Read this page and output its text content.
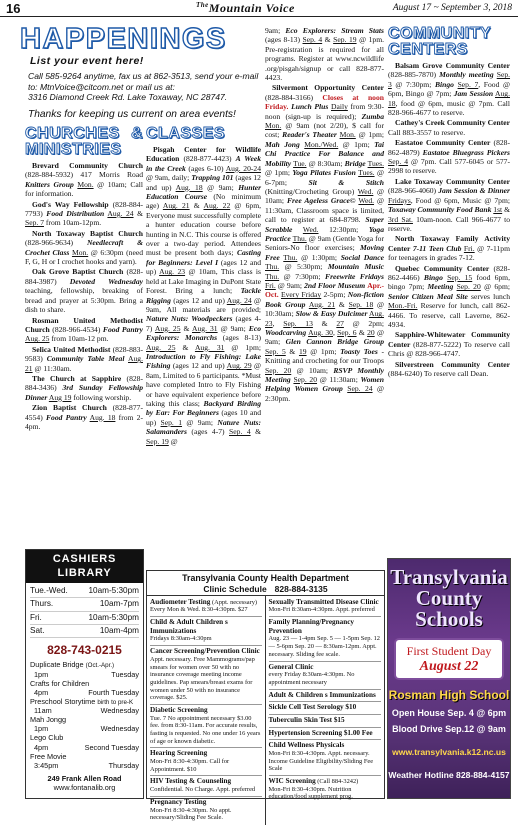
16	$^{The}$Mountain Voice	August 17 ~ September 3, 2018
HAPPENINGS
List your event here!
Call 585-9264 anytime, fax us at 862-3513, send your e-mail to: MtnVoice@citcom.net or mail us at:
3316 Diamond Creek Rd. Lake Toxaway, NC 28747.
Thanks for keeping us current on area events!
CHURCHES & MINISTRIES

Brevard Community Church (828-884-5932) 417 Morris Road Knitters Group Mon. @ 10am; Call for information.

God's Way Fellowship (828-884-7793) Food Distribution Aug. 24 & Sep. 7 from 10am-12pm.

North Toxaway Baptist Church (828-966-9634) Needlecraft & Crochet Class Mon. @ 6:30pm (need F, G, H or I crochet hooks and yarn).

Oak Grove Baptist Church (828-884-3987) Devoted Wednesday teaching, fellowship, breaking of bread and prayer at 5:30pm. Bring a dish to share.

Rosman United Methodist Church (828-966-4534) Food Pantry Aug. 25 from 10am-12 pm.

Selica United Methodist (828-883-9583) Community Table Meal Aug. 21 @ 11:30am.

The Church at Sapphire (828-884-3436) 3rd Sunday Fellowship Dinner Aug 19 following worship.

Zion Baptist Church (828-877-4554) Food Pantry Aug. 18 from 2-4pm.

CLASSES

Pisgah Center for Wildlife Education (828-877-4423) A Week in the Creek (ages 6-10) Aug. 20-24 @ 9am, daily; Trapping 101 (ages 12 and up) Aug. 18 @ 9am; Hunter Education Course (No minimum age) Aug. 21 & Aug. 22 @ 6pm, Everyone must successfully complete a hunter education course before hunting in N.C. This course is offered over a two-day period. Attendees must be present both days; Casting for Beginners: Level I (ages 12 and up) Aug. 23 @ 10am, This class is held at Lake Imaging in DuPont State Forest. Bring a lunch; Tackle Rigging (ages 12 and up) Aug. 24 @ 9am, All materials are provided; Nature Nuts: Woodpeckers (ages 4-7) Aug. 25 & Aug. 31 @ 9am; Eco Explorers: Monarchs (ages 8-13) Aug. 25 & Aug. 31 @ 1pm; Introduction to Fly Fishing: Lake Fishing (ages 12 and up) Aug. 29 @ 8am, Limited to 6 participants. *Must have completed Intro to Fly Fishing or have equivalent experience before taking this class; Backyard Birding by Ear: For Beginners (ages 10 and up) Sep. 1 @ 9am; Nature Nuts: Salamanders (ages 4-7) Sep. 4 & Sep. 19 @

9am; Eco Explorers: Stream Stats (ages 8-13) Sep. 4 & Sep. 19 @ 1pm. Pre-registration is required for all programs. Register at www.ncwildlife .org/pisgah/signup or call 828-877-4423.

Silvermont Opportunity Center (828-884-3166) Closes at noon Friday. Lunch Plus Daily from 9:30-noon (sign-up is required); Zumba Mon. @ 9am (not 2/20), $ call for cost; Reader's Theater Mon. @ 1pm; Mah Jong Mon./Wed. @ 1pm; Tai Chi Practice For Balance and Mobility Tue. @ 8:30am; Bridge Tues. @ 1pm; Yoga Pilates Fusion Tues. @ 6-7pm; Sit & Stitch (Knitting/Crocheting Group) Wed. @ 10am; Free Ageless Grace© Wed. @ 11:30am, Classroom space is limited, call to register at 684-8798. Super Scrabble Wed. 12:30pm; Yoga Practice Thu. @ 9am (Gentle Yoga for Seniors-No floor exercises; Moving Free Thu. @ 1:30pm; Social Dance Thu. @ 5:30pm; Mountain Music Thu. @ 7:30pm; Freewrite Fridays Fri. @ 9am; 2nd Floor Museum Apr.-Oct. Every Friday 2-5pm; Non-fiction Book Group Aug. 21 & Sep. 18 @ 10:30am; Slow & Easy Dulcimer Aug. 23, Sep. 13 & 27 @ 2pm; Woodcarving Aug. 30, Sep. 6 & 20 @ 9am; Glen Cannon Bridge Group Sep. 5 & 19 @ 1pm; Toasty Toes - Knitting and crocheting for our Troops Sep. 20 @ 10am; RSVP Monthly Meeting Sep. 20 @ 11:30am; Women Helping Women Group Sep. 24 @ 2:30pm.

COMMUNITY CENTERS

Balsam Grove Community Center (828-885-7870) Monthly meeting Sep. 3 @ 7:30pm; Bingo Sep. 7, Food @ 6pm, Bingo @ 7pm; Jam Session Aug. 18, food @ 6pm, music @ 7pm. Call 828-966-4677 to reserve.

Cathey's Creek Community Center Call 883-3557 to reserve.

Eastatoe Community Center (828-862-4879) Eastatoe Bluegrass Pickers Sep. 4 @ 7pm. Call 577-6045 or 577-2998 to reserve.

Lake Toxaway Community Center (828-966-4060) Jam Session & Dinner Fridays, Food @ 6pm, Music @ 7pm; Toxaway Community Food Bank 1st & 3rd Sat. 10am-noon. Call 966-4677 to reserve.

North Toxaway Family Activity Center 7-11 Teen Club Fri. @ 7-11pm for teenagers in grades 7-12.

Quebec Community Center (828-862-4466) Bingo Sep. 15 food 6pm, bingo 7pm; Meeting Sep. 20 @ 6pm; Senior Citizen Meal Site serves lunch Mon.-Fri. Reserve for lunch, call 862-4466. To reserve, call Laverne, 862-4934.

Sapphire-Whitewater Community Center (828-877-5222) To reserve call Chris @ 828-966-4747.

Silverstreen Community Center (884-6240) To reserve call Dean.

CASHIERS LIBRARY
Tue.-Wed.	10am-5:30pm
Thurs.	10am-7pm
Fri.	10am-5:30pm
Sat.	10am-4pm
828-743-0215
Duplicate Bridge (Oct.-Apr.)
1pm	Tuesday
Crafts for Children
4pm	Fourth Tuesday
Preschool Storytime birth to pre-K
11am	Wednesday
Mah Jongg
1pm	Wednesday
Lego Club
4pm	Second Tuesday
Free Movie
3:45pm	Thursday
249 Frank Allen Road
www.fontanalib.org
Transylvania County Health Department
Clinic Schedule 828-884-3135
Audiometer Testing (Appt. necessary)
Every Mon & Wed. 8:30-4:30pm. $27
Child & Adult Children s Immunizations
Fridays 8:30am-4:30pm
Cancer Screening/Prevention Clinic
Appt. necessary. Free Mammograms/pap smears for women over 50 with no insurance coverage meeting income guidelines. Pap smears/breast exams for women under 50 with no insurance coverage. $25.
Diabetic Screening
Tue. 7 No appointment necessary $3.00 fee. from 8:30-11am. For accurate results, fasting is requested. No one under 16 years of age or known diabetic.
Hearing Screening
Mon-Fri 8:30-4:30pm. Call for Appointment. $10
HIV Testing & Counseling
Confidential. No Charge. Appt. preferred
Pregnancy Testing
Mon-Fri 8:30-4:30pm. No appt. necessary/Sliding Fee Scale.
Sexually Transmitted Disease Clinic
Mon-Fri 8:30am-4:30pm. Appt. preferred
Family Planning/Pregnancy Prevention
Aug. 23 — 1-4pm Sep. 5 — 1-5pm Sep. 12 — 5-6pm Sep. 20 — 8:30am-12pm. Appt. necessary. Sliding fee scale.
General Clinic
every Friday 8:30am-4:30pm. No appointment necessary
Adult & Children s Immunizations
Sickle Cell Test Serology $10
Tuberculin Skin Test $15
Hypertension Screening $1.00 Fee
Child Wellness Physicals
Mon-Fri 8:30-4:30pm. Appt. necessary. Income Guideline Eligibility/Sliding Fee Scale
WIC Screening (Call 884-3242)
Mon-Fri 8:30-4:30pm. Nutrition education/food supplement prog.
Transylvania
County Schools
First Student Day
August 22
Rosman High School
Open House Sep. 4 @ 6pm
Blood Drive Sep.12 @ 9am
www.transylvania.k12.nc.us
Weather Hotline 828-884-4157
